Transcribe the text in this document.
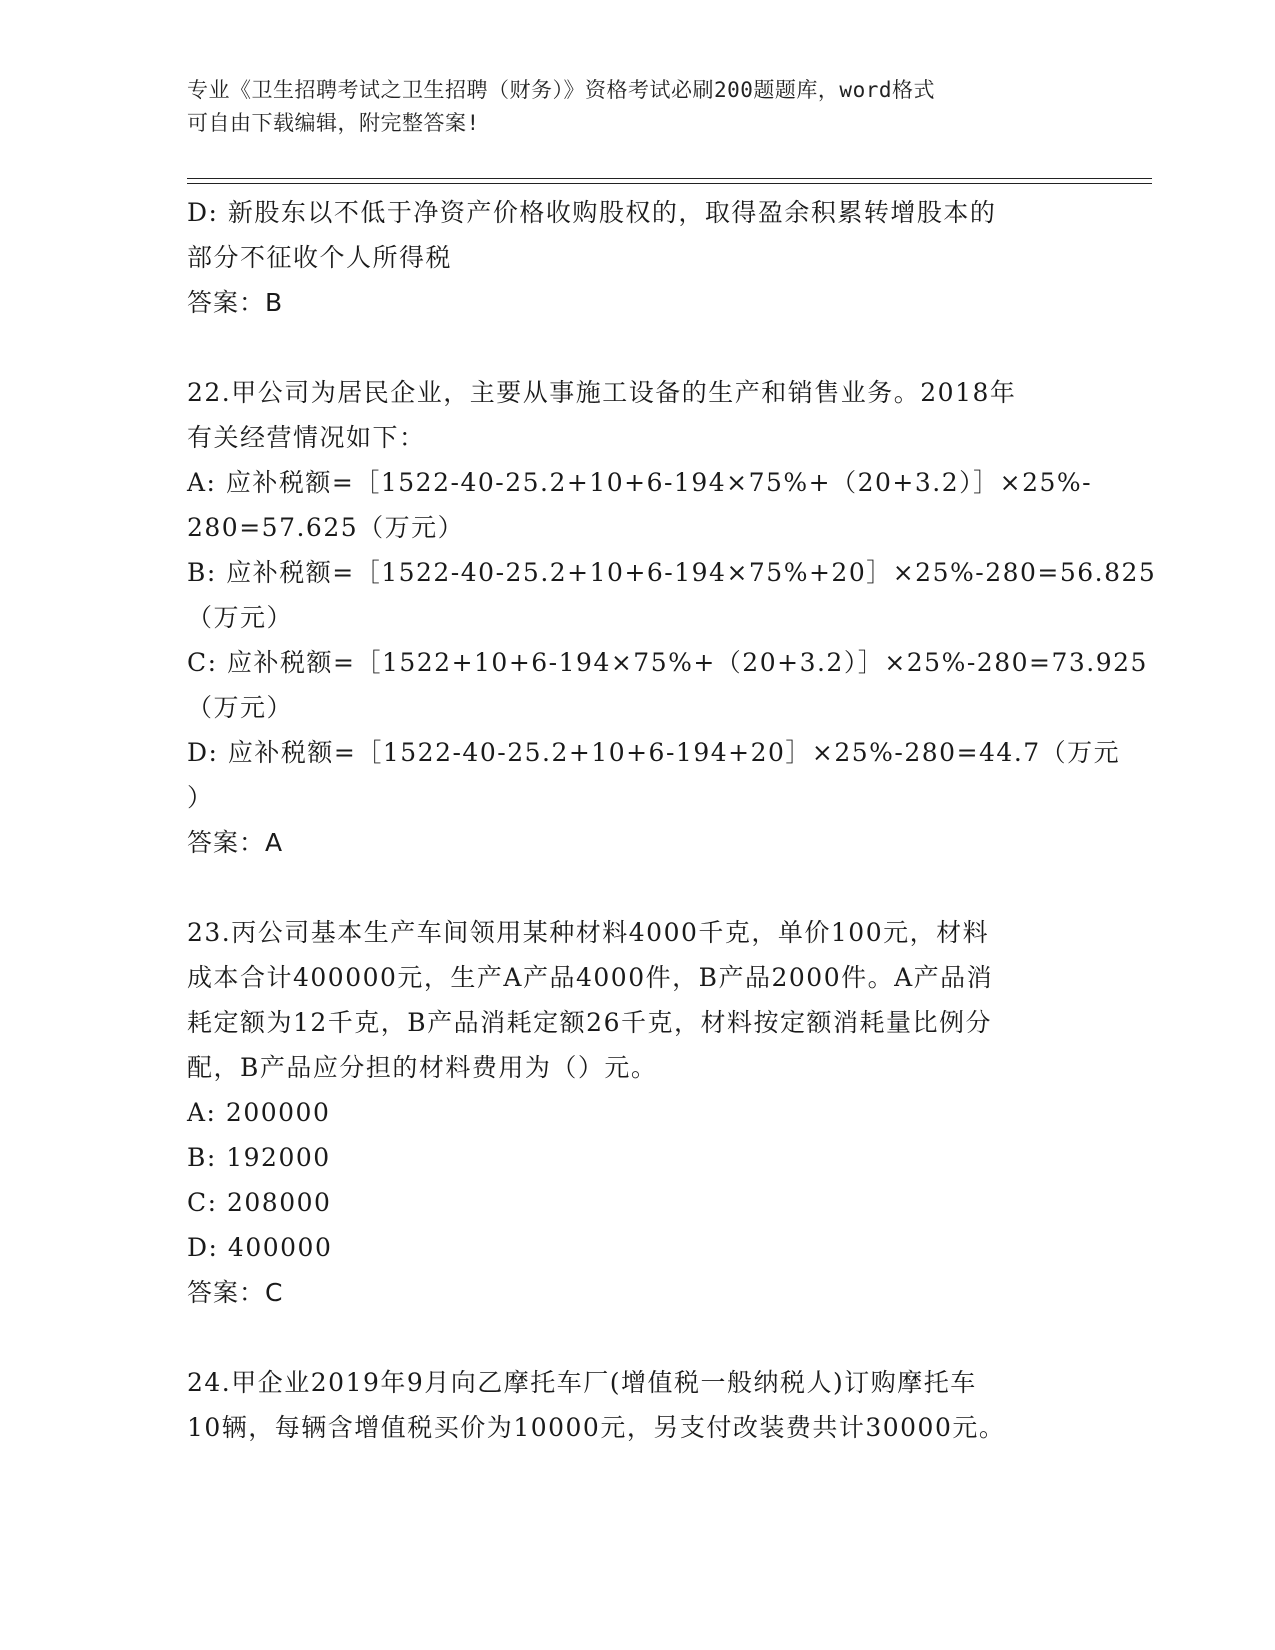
专业《卫生招聘考试之卫生招聘（财务）》资格考试必刷200题题库，word格式
可自由下载编辑，附完整答案!
D: 新股东以不低于净资产价格收购股权的，取得盈余积累转增股本的
部分不征收个人所得税
答案：B
22.甲公司为居民企业，主要从事施工设备的生产和销售业务。2018年
有关经营情况如下：
A: 应补税额=［1522-40-25.2+10+6-194×75%+（20+3.2）］×25%-
280=57.625（万元）
B: 应补税额=［1522-40-25.2+10+6-194×75%+20］×25%-280=56.825
（万元）
C: 应补税额=［1522+10+6-194×75%+（20+3.2）］×25%-280=73.925
（万元）
D: 应补税额=［1522-40-25.2+10+6-194+20］×25%-280=44.7（万元
）
答案：A
23.丙公司基本生产车间领用某种材料4000千克，单价100元，材料
成本合计400000元，生产A产品4000件，B产品2000件。A产品消
耗定额为12千克，B产品消耗定额26千克，材料按定额消耗量比例分
配，B产品应分担的材料费用为（）元。
A: 200000
B: 192000
C: 208000
D: 400000
答案：C
24.甲企业2019年9月向乙摩托车厂(增值税一般纳税人)订购摩托车
10辆，每辆含增值税买价为10000元，另支付改装费共计30000元。
